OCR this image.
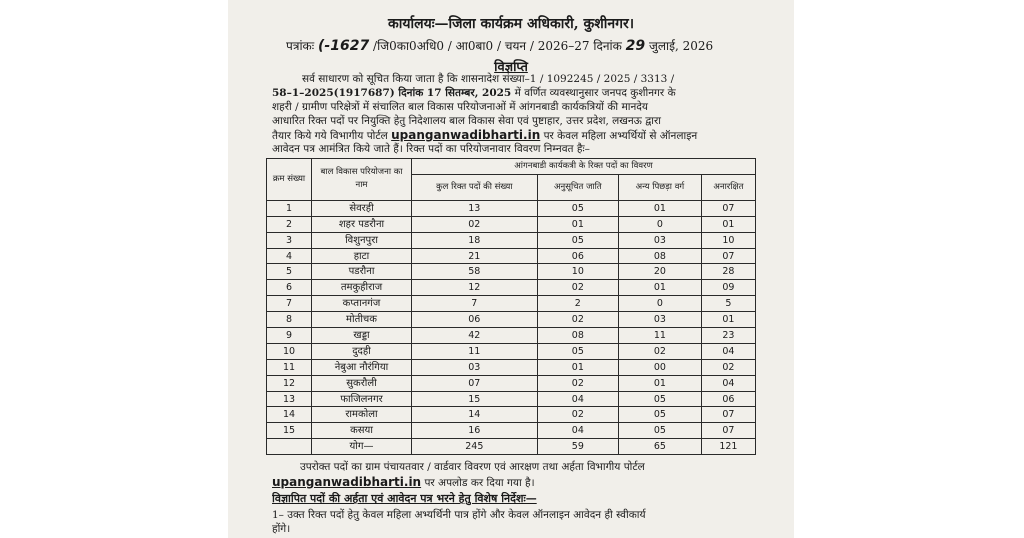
कार्यालयः—जिला कार्यक्रम अधिकारी, कुशीनगर।
पत्रांकः (-1627 /जि0का0अधि0 / आ0बा0 / चयन / 2026–27 दिनांक 29 जुलाई, 2026
विज्ञप्ति
सर्व साधारण को सूचित किया जाता है कि शासनादेश संख्या–1 / 1092245 / 2025 / 3313 /
58–1–2025(1917687) दिनांक 17 सितम्बर, 2025 में वर्णित व्यवस्थानुसार जनपद कुशीनगर के
शहरी / ग्रामीण परिक्षेत्रों में संचालित बाल विकास परियोजनाओं में आंगनबाडी कार्यकत्रियों की मानदेय
आधारित रिक्त पदों पर नियुक्ति हेतु निदेशालय बाल विकास सेवा एवं पुष्टाहार, उत्तर प्रदेश, लखनऊ द्वारा
तैयार किये गये विभागीय पोर्टल upanganwadibharti.in पर केवल महिला अभ्यर्थियों से ऑनलाइन
आवेदन पत्र आमंत्रित किये जाते हैं। रिक्त पदों का परियोजनावार विवरण निम्नवत हैः–
क्रम संख्या	बाल विकास परियोजना का नाम	आंगनबाडी कार्यकत्री के रिक्त पदों का विवरण			
		कुल रिक्त पदों की संख्या	अनुसूचित जाति	अन्य पिछड़ा वर्ग	अनारक्षित
1	सेवरही	13	05	01	07
2	शहर पडरौना	02	01	0	01
3	विशुनपुरा	18	05	03	10
4	हाटा	21	06	08	07
5	पडरौना	58	10	20	28
6	तमकुहीराज	12	02	01	09
7	कप्तानगंज	7	2	0	5
8	मोतीचक	06	02	03	01
9	खड्डा	42	08	11	23
10	दुदही	11	05	02	04
11	नेबुआ नौरंगिया	03	01	00	02
12	सुकरौली	07	02	01	04
13	फाजिलनगर	15	04	05	06
14	रामकोला	14	02	05	07
15	कसया	16	04	05	07
	योग—	245	59	65	121
उपरोक्त पदों का ग्राम पंचायतवार / वार्डवार विवरण एवं आरक्षण तथा अर्हता विभागीय पोर्टल
upanganwadibharti.in पर अपलोड कर दिया गया है।
विज्ञापित पदों की अर्हता एवं आवेदन पत्र भरने हेतु विशेष निर्देशः—
1– उक्त रिक्त पदों हेतु केवल महिला अभ्यर्थिनी पात्र होंगे और केवल ऑनलाइन आवेदन ही स्वीकार्य
होंगे।
